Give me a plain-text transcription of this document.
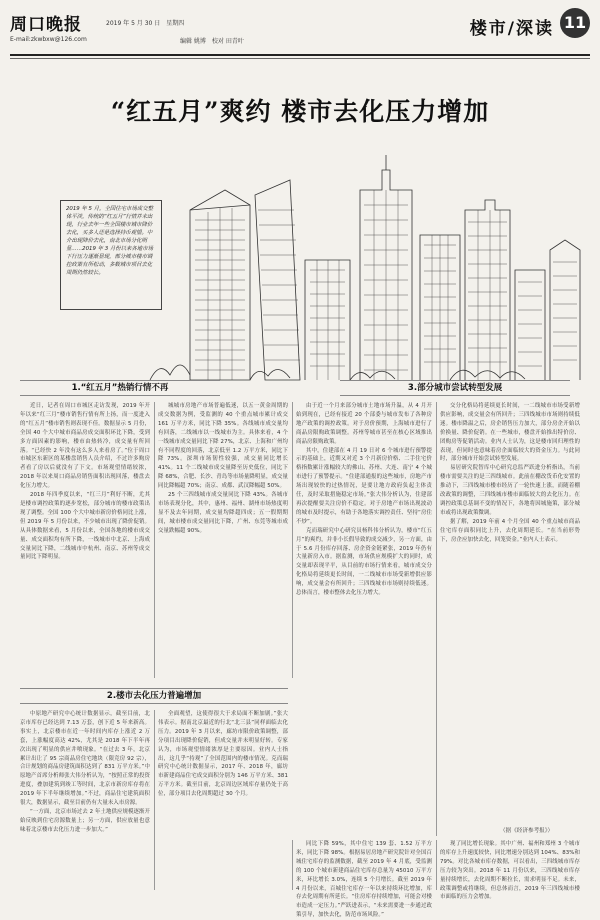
周口晚报
E-mail:zkwbxw@126.com
2019 年 5 月 30 日　星期四
编辑 姚博　校对 田青叶
楼市/深读 11
“红五月”爽约 楼市去化压力增加
2019 年 5 月，全国住宅市场成交整体平淡，传统的“红五月”行情并未出现，行业去年一些全国楼市城市降价去化，买多人还是选择持币观望。中介出现降价去化，南北市场分化明显……2019 年 3 月份以来各地市场下行压力逐渐显现，部分城市楼市调控政策有所松动，多数城市项目去化周期仍然较长。
1.“红五月”热销行情不再	3.部分城市尝试转型发展

近日，记者在周口市城区走访发现，2019 年开年以来“红三月”楼市销售行情有所上扬，而一度进入的“红五月”楼市销售则表现不佳。数据显示 5 月份，全国 40 个大中城市商品房成交面积环比下降，受到多方面因素的影响，楼市由热转冷，成交量有所回落。“已经快 2 年没有这么多人来看房了。”位于周口市城区东新区的某楼盘销售人员介绍，不过许多购房者看了房以后就没有了下文。市场观望情绪较浓，2018 年以来周口商品房销售面积出现回落，楼盘去化压力增大。

2018 年四季度以来，“红三月”利好不断，尤其是楼市调控政策的逐步宽松，部分城市的楼市政策出现了调整。全国 100 个大中城市新房价格同比上涨，但 2019 年 5 月份以来，不少城市出现了降价促销。从具体数据来看，5 月份以来，全国各地的楼市成交量、成交面积均有所下降，一线城市中北京、上海成交量同比下降，二线城市中杭州、南京、苏州等成交量同比下降明显。

城城市房地产市场普遍低迷，以五一黄金周期的成交数据为例，受监测的 40 个重点城市累计成交 161 万平方米，同比下降 35%。各线城市成交量均有回落，二线城市以一线城市为主。具体来看，4 个一线城市成交量同比下降 27%，北京、上海和广州均有不同程度的回落，北京低至 1.2 万平方米，同比下降 73%。深圳市场韧性较强，成交量同比增长 41%。11 个二线城市成交量降至历史低位，同比下降 68%，合肥、长沙、青岛等市场量降明显，成交量同比降幅超 70%；南京、成都、武汉降幅超 50%。

25 个三四线城市成交量同比下降 43%。各城市市场表现分化，其中，惠州、福州、湖州市场热度明显不及去年同期，成交量均降超四成；五一假期期间，城市楼市成交量同比下降，广州、东莞等城市成交量跌幅超 90%。

由于近一个月来部分城市土地市场升温，从 4 月开始到现在，已经有接近 20 个部委与城市发布了各种房地产政策的调控政策。对于房价预期，上海城市进行了商品房限购政策调整。苏州等城市甚至在核心区域推出商品房限购政策。

其中，住建部在 4 月 19 日对 6 个城市进行预警提示的基础上，近期又对近 3 个月新房价格、二手住宅价格指数累计涨幅较大的佛山、苏州、大连、南宁 4 个城市进行了预警提示。“住建部通报的这些城市，房地产市场出现较快的过热情况，是要让地方政府负起主体责任，及时采取措施稳定市场。”张大伟分析认为，住建部再次提醒要关注房价不稳定。对于房地产市场出现波动的城市及时提示，有助于各地落实调控责任、坚持“房住不炒”。

克而瑞研究中心研究员杨科伟分析认为，楼市“红五月”的爽约，并非小长假导致的成交减少，另一方面，由于 5.6 月份库存回落、房企资金链紧张，2019 年仍有大量新房入市。据监测，市场供应规模扩大的同时，成交量却表现平平，从目前的市场行情来看，城市成交分化格局将延续更长时间，一二线城市市场受新增供应影响，成交量会有所回升；三四线城市市场则持续低迷。总体而言，楼市整体去化压力增大。

交分化格局将延续更长时间，一二线城市市场受新增供应影响，成交量会有所回升；三四线城市市场则持续低迷。楼市降温之后，房企销售压力加大，部分房企开始以价换量、降价促销。在一些城市，楼盘开始推出特价房、团购房等促销活动。业内人士认为，这是楼市回归理性的表现，但同时也意味着房企面临较大的资金压力。与此同时，部分城市开始尝试转型发展。

易居研究院智库中心研究总监严跃进分析指出，当前楼市需要关注的是三四线城市。此前在棚改货币化安置的推动下，三四线城市楼市经历了一轮快速上涨，而随着棚改政策的调整，三四线城市楼市面临较大的去化压力。在调控政策总基调不变的情况下，各地将因城施策，部分城市或将出现政策微调。

据了解，2019 年前 4 个月全国 40 个重点城市商品住宅库存面积同比上升，去化周期延长。“在当前形势下，房企应加快去化，回笼资金。”业内人士表示。

（据《经济参考报》）
2.楼市去化压力普遍增加

中原地产研究中心统计数据显示，截至目前，北京市库存已经达到 7.13 万套，创下近 5 年来新高。事实上，北京楼市在近一年时间内库存上涨近 2 万套，上涨幅度高达 42%，尤其是 2018 年下半年再次出现了明显的供应井喷现象。“在过去 3 年，北京累计出让了 95 宗商品房住宅地块（限竞房 92 宗），合计规划的商品房建筑面积达到了 831 万平方米。”中原地产首席分析师张大伟分析认为，“按照正常的投资进度，叠加建筑到竣工等时间，北京市新房库存将在 2019 年下半年继续增加。”不过，商品住宅建筑面积很大，数据显示，截至目前仍有大量未入市房源。

“一方面，北京市场过去 2 年土地供应规模逐渐开始反映到住宅房源数量上；另一方面，供应放量也意味着北京楼市去化压力进一步加大。”

全面观望，这使得很大于求局面不断加剧。”张大伟表示。据南北京最近的行北“北三县”同样面临去化压力。2019 年 3 月以来，廊坊市限价政策调整，部分项目出现降价促销，但成交量并未明显好转。专家认为，市场观望情绪浓厚是主要原因。业内人士指出，这几乎“持观”了全国范围内的楼市情况。克而瑞研究中心统计数据显示，2017 年、2018 年，廊坊市新建商品住宅成交面积分别为 146 万平方米、381 万平方米。截至目前，北京周边区域库存量仍处于高位，部分项目去化周期超过 30 个月。

同比下降 59%，其中住宅 139 套、1.52 万平方米，同比下降 98%。根据易居房地产研究院针对全国百城住宅库存的监测数据，截至 2019 年 4 月底，受监测的 100 个城市新建商品住宅库存总量为 45010 万平方米，环比增长 3.0%，连续 5 个月增长。截至 2019 年 4 月份以来，百城住宅库存一年以来持续环比增加，库存去化周期有所延长。“住房库存持续增加，可能会对楼市造成一定压力。”严跃进表示，“未来需要进一步通过政策引导，加快去化，防范市场风险。”

现了同比增长现象。其中广州、福州和郑州 3 个城市的库存上升速度较快，同比增速分别达到 104%、83%和 79%。对比各城市库存数据，可以看出，三四线城市库存压力较为突出。2018 年 11 月份以来，三四线城市库存量持续增长，去化周期不断拉长，需求明显不足。未来，政策调整或将继续，但总体而言，2019 年三四线城市楼市面临的压力会增加。
